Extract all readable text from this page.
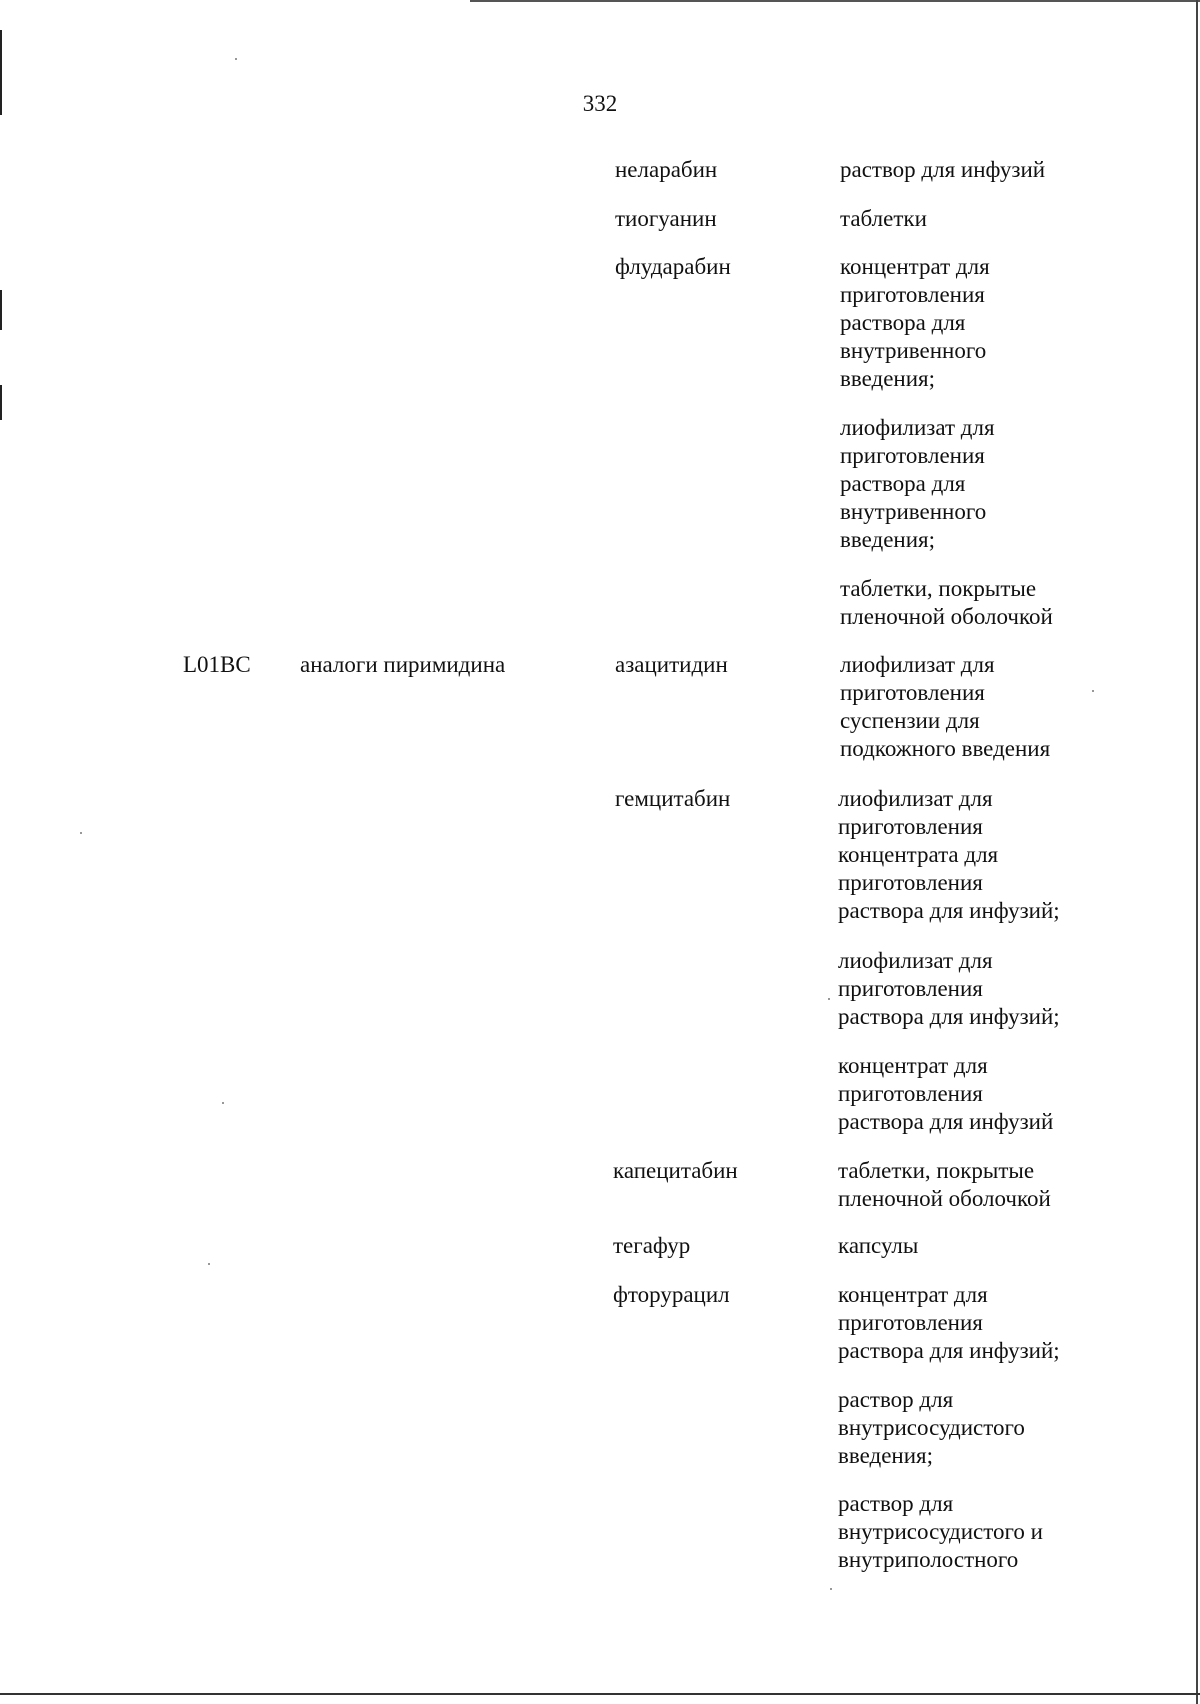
332
неларабин	раствор для инфузий
тиогуанин	таблетки
флударабин	концентрат для
приготовления
раствора для
внутривенного
введения;
лиофилизат для
приготовления
раствора для
внутривенного
введения;
таблетки, покрытые
пленочной оболочкой
L01BC аналоги пиримидина	азацитидин	лиофилизат для
приготовления
суспензии для
подкожного введения
гемцитабин	лиофилизат для
приготовления
концентрата для
приготовления
раствора для инфузий;
лиофилизат для
приготовления
раствора для инфузий;
концентрат для
приготовления
раствора для инфузий
капецитабин	таблетки, покрытые
пленочной оболочкой
тегафур	капсулы
фторурацил	концентрат для
приготовления
раствора для инфузий;
раствор для
внутрисосудистого
введения;
раствор для
внутрисосудистого и
внутриполостного
